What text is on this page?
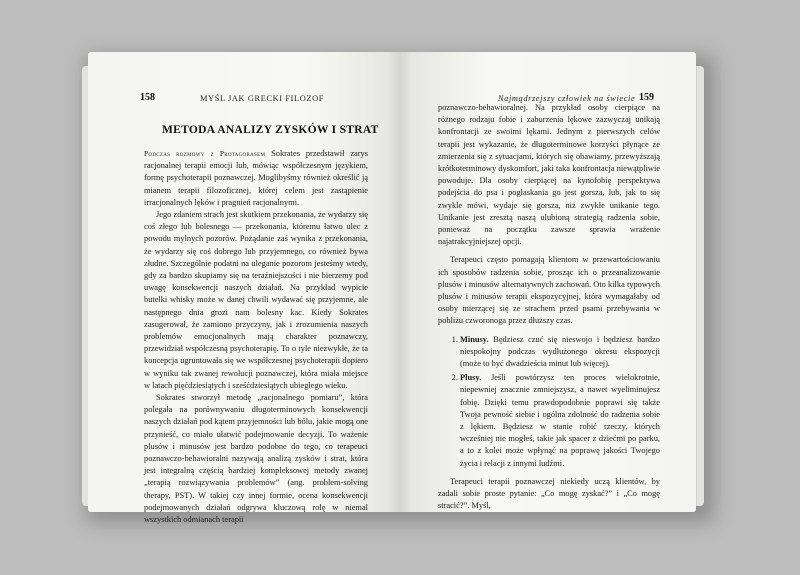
158	MYŚL JAK GRECKI FILOZOF
METODA ANALIZY ZYSKÓW I STRAT

Podczas rozmowy z Protagorasem Sokrates przedstawił zarys racjonalnej terapii emocji lub, mówiąc współczesnym językiem, formę psychoterapii poznawczej. Moglibyśmy również określić ją mianem terapii filozoficznej, której celem jest zastąpienie irracjonalnych lęków i pragnień racjonalnymi.

Jego zdaniem strach jest skutkiem przekonania, że wydarzy się coś złego lub bolesnego — przekonania, któremu łatwo ulec z powodu mylnych pozorów. Pożądanie zaś wynika z przekonania, że wydarzy się coś dobrego lub przyjemnego, co również bywa złudne. Szczególnie podatni na uleganie pozorom jesteśmy wtedy, gdy za bardzo skupiamy się na teraźniejszości i nie bierzemy pod uwagę konsekwencji naszych działań. Na przykład wypicie butelki whisky może w danej chwili wydawać się przyjemne, ale następnego dnia grozi nam bolesny kac. Kiedy Sokrates zasugerował, że zamiono przyczyny, jak i zrozumienia naszych problemów emocjonalnych mają charakter poznawczy, przewidział współczesną psychoterapię. To o tyle niezwykłe, że ta koncepcja ugruntowała się we współczesnej psychoterapii dopiero w wyniku tak zwanej rewolucji poznawczej, która miała miejsce w latach pięćdziesiątych i sześćdziesiątych ubiegłego wieku.

Sokrates stworzył metodę „racjonalnego pomiaru”, która polegała na porównywaniu długoterminowych konsekwencji naszych działań pod kątem przyjemności lub bólu, jakie mogą one przynieść, co miało ułatwić podejmowanie decyzji. To ważenie plusów i minusów jest bardzo podobne do tego, co terapeuci poznawczo-behawioralni nazywają analizą zysków i strat, która jest integralną częścią bardziej kompleksowej metody zwanej „terapią rozwiązywania problemów” (ang. problem-solving therapy, PST). W takiej czy innej formie, ocena konsekwencji podejmowanych działań odgrywa kluczową rolę w niemal wszystkich odmianach terapii

Najmądrzejszy człowiek na świecie 159

poznawczo-behawioralnej. Na przykład osoby cierpiące na różnego rodzaju fobie i zaburzenia lękowe zazwyczaj unikają konfrontacji ze swoimi lękami. Jednym z pierwszych celów terapii jest wykazanie, że długoterminowe korzyści płynące ze zmierzenia się z sytuacjami, których się obawiamy, przewyższają krótkoterminowy dyskomfort, jaki taka konfrontacja niewątpliwie powoduje. Dla osoby cierpiącej na kynofobię perspektywa podejścia do psa i pogłaskania go jest gorsza, lub, jak to się zwykle mówi, wydaje się gorsza, niż zwykłe unikanie tego. Unikanie jest zresztą naszą ulubioną strategią radzenia sobie, ponieważ na początku zawsze sprawia wrażenie najatrakcyjniejszej opcji.

Terapeuci często pomagają klientom w przewartościowaniu ich sposobów radzenia sobie, prosząc ich o przeanalizowanie plusów i minusów alternatywnych zachowań. Oto kilka typowych plusów i minusów terapii ekspozycyjnej, która wymagałaby od osoby mierzącej się ze strachem przed psami przebywania w pobliżu czworonoga przez dłuższy czas.

1. Minusy. Będziesz czuć się nieswojo i będziesz bardzo niespokojny podczas wydłużonego okresu ekspozycji (może to być dwadzieścia minut lub więcej).
2. Plusy. Jeśli powtórzysz ten proces wielokrotnie, niepewniej znacznie zmniejszysz, a nawet wyeliminujesz fobię. Dzięki temu prawdopodobnie poprawi się także Twoja pewność siebie i ogólna zdolność do radzenia sobie z lękiem. Będziesz w stanie robić rzeczy, których wcześniej nie mogłeś, takie jak spacer z dziećmi po parku, a to z kolei może wpłynąć na poprawę jakości Twojego życia i relacji z innymi ludźmi.

Terapeuci terapii poznawczej niekiedy uczą klientów, by zadali sobie proste pytanie: „Co mogę zyskać?” i „Co mogę stracić?”. Myśl,
